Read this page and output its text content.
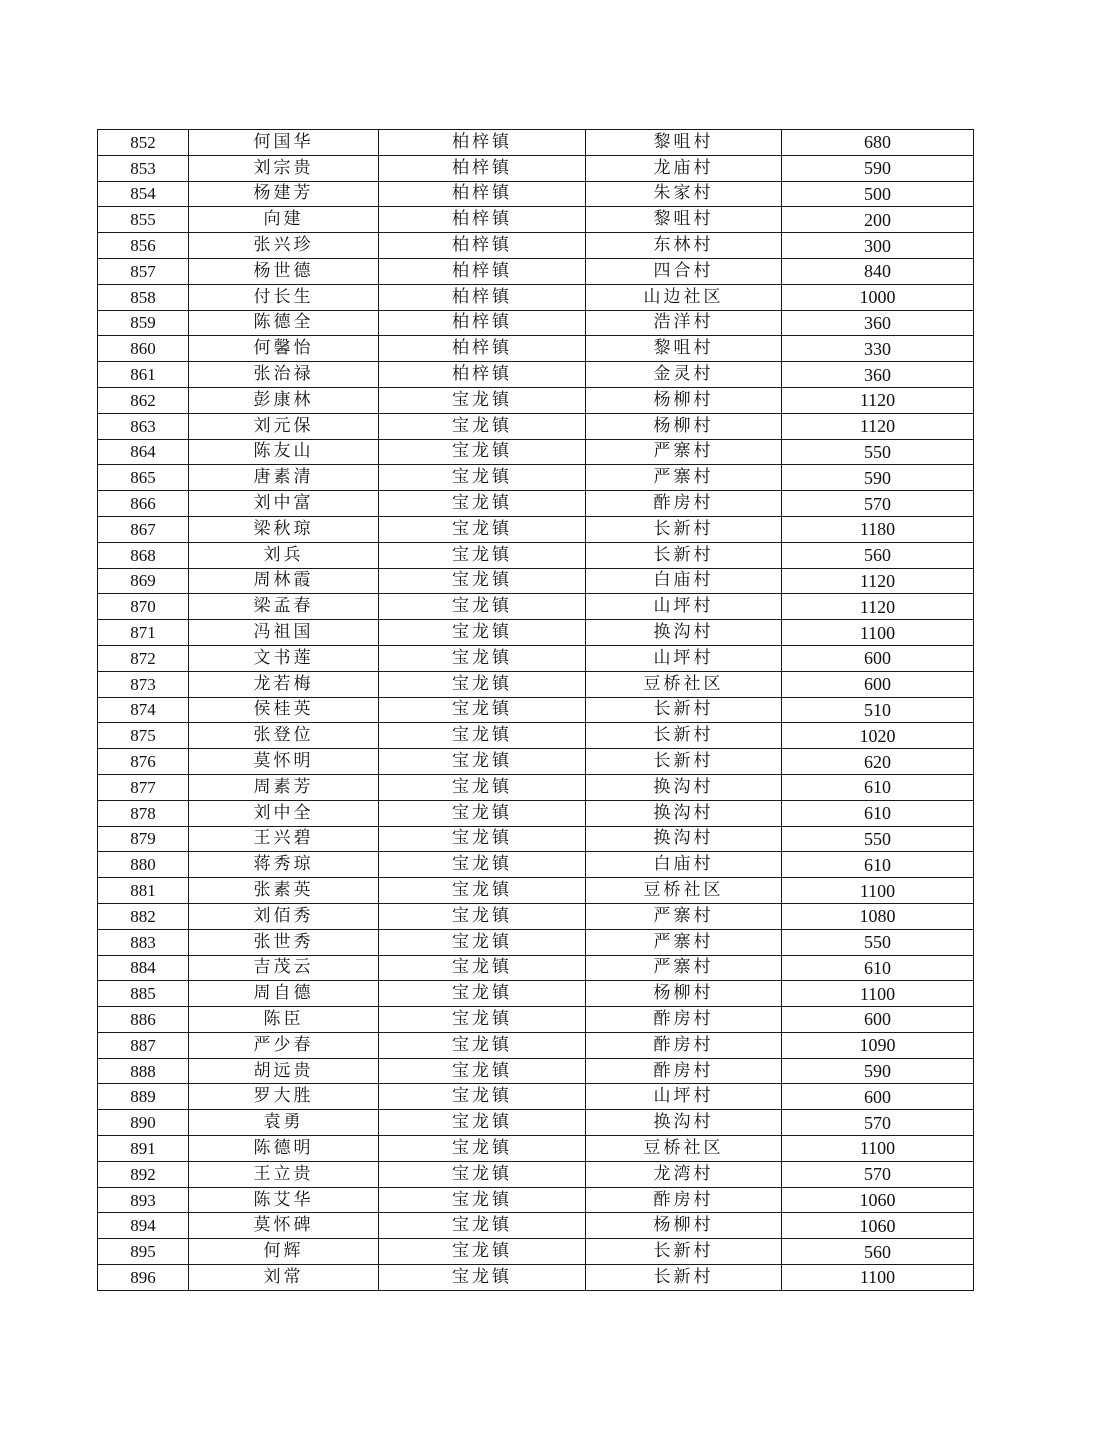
852	何国华	柏梓镇	黎咀村	680
853	刘宗贵	柏梓镇	龙庙村	590
854	杨建芳	柏梓镇	朱家村	500
855	向建	柏梓镇	黎咀村	200
856	张兴珍	柏梓镇	东林村	300
857	杨世德	柏梓镇	四合村	840
858	付长生	柏梓镇	山边社区	1000
859	陈德全	柏梓镇	浩洋村	360
860	何馨怡	柏梓镇	黎咀村	330
861	张治禄	柏梓镇	金灵村	360
862	彭康林	宝龙镇	杨柳村	1120
863	刘元保	宝龙镇	杨柳村	1120
864	陈友山	宝龙镇	严寨村	550
865	唐素清	宝龙镇	严寨村	590
866	刘中富	宝龙镇	酢房村	570
867	梁秋琼	宝龙镇	长新村	1180
868	刘兵	宝龙镇	长新村	560
869	周林霞	宝龙镇	白庙村	1120
870	梁孟春	宝龙镇	山坪村	1120
871	冯祖国	宝龙镇	换沟村	1100
872	文书莲	宝龙镇	山坪村	600
873	龙若梅	宝龙镇	豆桥社区	600
874	侯桂英	宝龙镇	长新村	510
875	张登位	宝龙镇	长新村	1020
876	莫怀明	宝龙镇	长新村	620
877	周素芳	宝龙镇	换沟村	610
878	刘中全	宝龙镇	换沟村	610
879	王兴碧	宝龙镇	换沟村	550
880	蒋秀琼	宝龙镇	白庙村	610
881	张素英	宝龙镇	豆桥社区	1100
882	刘佰秀	宝龙镇	严寨村	1080
883	张世秀	宝龙镇	严寨村	550
884	吉茂云	宝龙镇	严寨村	610
885	周自德	宝龙镇	杨柳村	1100
886	陈臣	宝龙镇	酢房村	600
887	严少春	宝龙镇	酢房村	1090
888	胡远贵	宝龙镇	酢房村	590
889	罗大胜	宝龙镇	山坪村	600
890	袁勇	宝龙镇	换沟村	570
891	陈德明	宝龙镇	豆桥社区	1100
892	王立贵	宝龙镇	龙湾村	570
893	陈艾华	宝龙镇	酢房村	1060
894	莫怀碑	宝龙镇	杨柳村	1060
895	何辉	宝龙镇	长新村	560
896	刘常	宝龙镇	长新村	1100
